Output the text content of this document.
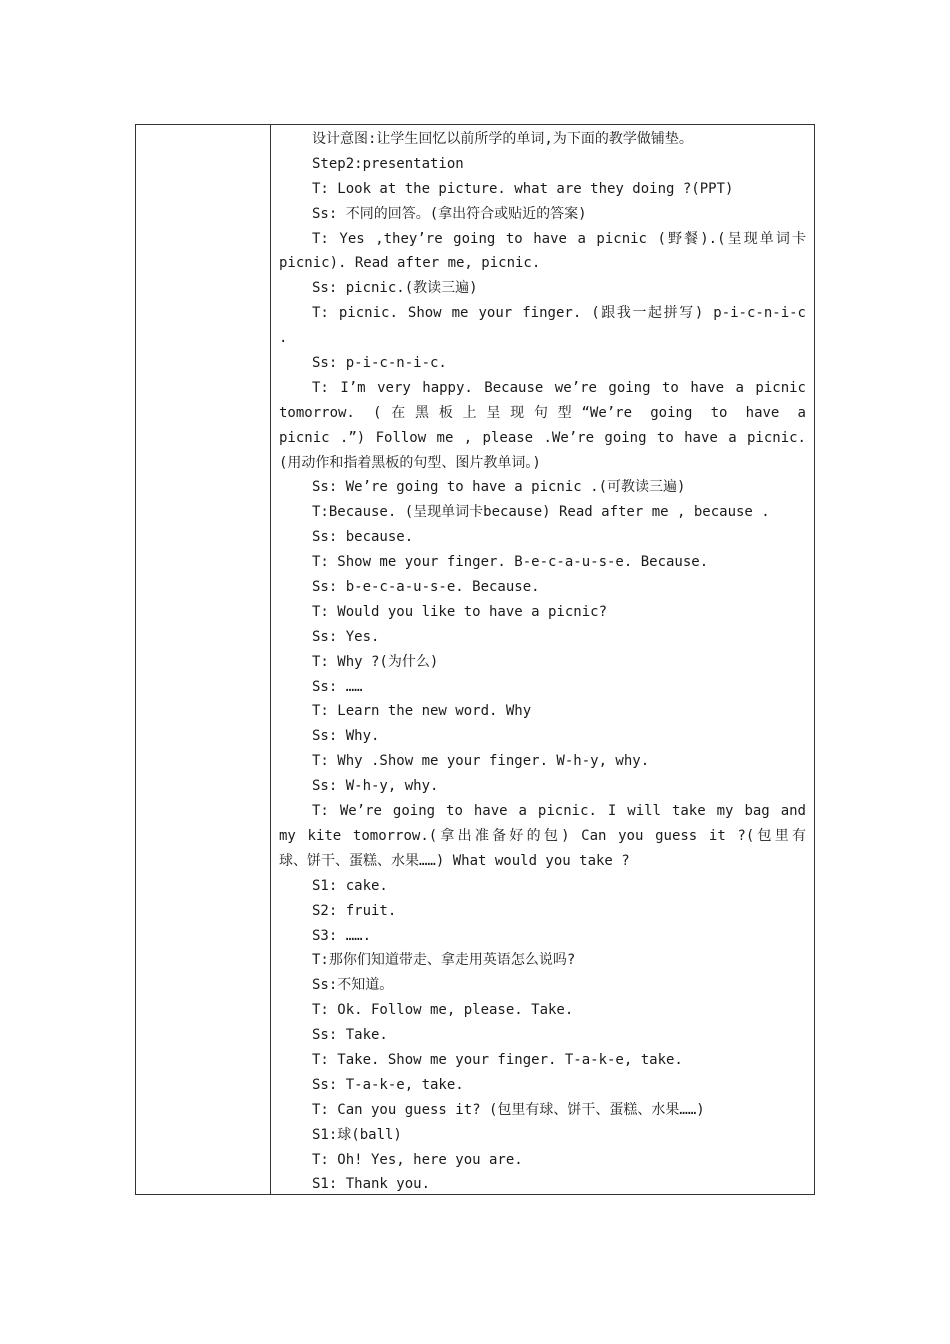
设计意图:让学生回忆以前所学的单词,为下面的教学做铺垫。
Step2:presentation
T: Look at the picture. what are they doing ?(PPT)
Ss: 不同的回答。(拿出符合或贴近的答案)
T: Yes ,they’re going to have a picnic (野餐).(呈现单词卡
picnic). Read after me, picnic.
Ss: picnic.(教读三遍)
T: picnic. Show me your finger. (跟我一起拼写) p-i-c-n-i-c
.
Ss: p-i-c-n-i-c.
T: I’m very happy. Because we’re going to have a picnic
tomorrow. (在黑板上呈现句型“We’re going to have a
picnic .”) Follow me , please .We’re going to have a picnic.
(用动作和指着黑板的句型、图片教单词。)
Ss: We’re going to have a picnic .(可教读三遍)
T:Because. (呈现单词卡because) Read after me , because .
Ss: because.
T: Show me your finger. B-e-c-a-u-s-e. Because.
Ss: b-e-c-a-u-s-e. Because.
T: Would you like to have a picnic?
Ss: Yes.
T: Why ?(为什么)
Ss: ……
T: Learn the new word. Why
Ss: Why.
T: Why .Show me your finger. W-h-y, why.
Ss: W-h-y, why.
T: We’re going to have a picnic. I will take my bag and
my kite tomorrow.(拿出准备好的包) Can you guess it ?(包里有
球、饼干、蛋糕、水果……) What would you take ?
S1: cake.
S2: fruit.
S3: …….
T:那你们知道带走、拿走用英语怎么说吗?
Ss:不知道。
T: Ok. Follow me, please. Take.
Ss: Take.
T: Take. Show me your finger. T-a-k-e, take.
Ss: T-a-k-e, take.
T: Can you guess it? (包里有球、饼干、蛋糕、水果……)
S1:球(ball)
T: Oh! Yes, here you are.
S1: Thank you.
